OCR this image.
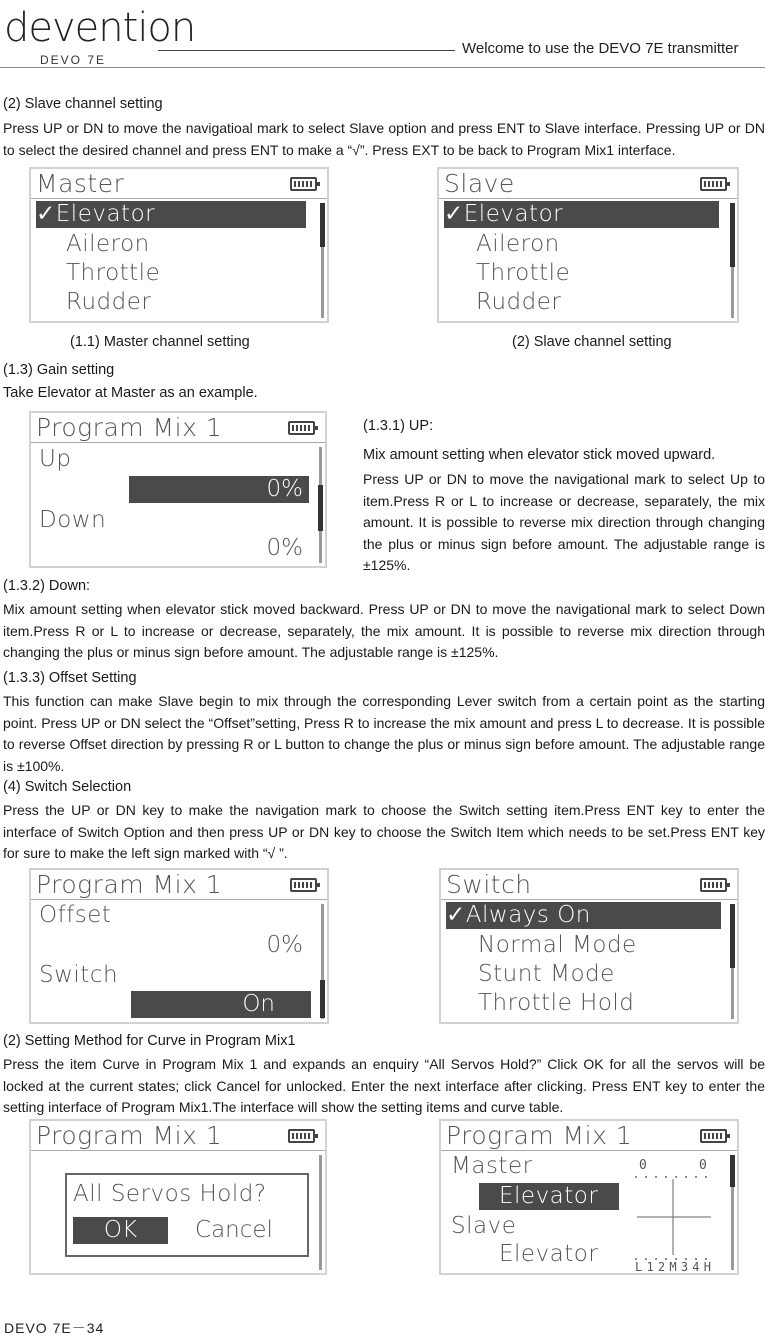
devention
DEVO 7E
Welcome to use the DEVO 7E transmitter
(2) Slave channel setting
Press UP or DN to move the navigatioal mark to select Slave option and press ENT to Slave interface. Pressing UP or DN to select the desired channel and press ENT to make a “√”. Press EXT to be back to Program Mix1 interface.
Master
✓Elevator
Aileron
Throttle
Rudder
(1.1) Master channel setting
Slave
✓Elevator
Aileron
Throttle
Rudder
(2) Slave channel setting
(1.3) Gain setting
Take Elevator at Master as an example.
Program Mix 1
Up
0%
Down
0%
(1.3.1) UP:
Mix amount setting when elevator stick moved upward.
Press UP or DN to move the navigational mark to select Up to item.Press R or L to increase or decrease, separately, the mix amount. It is possible to reverse mix direction through changing the plus or minus sign before amount. The adjustable range is ±125%.
(1.3.2) Down:
Mix amount setting when elevator stick moved backward. Press UP or DN to move the navigational mark to select Down item.Press R or L to increase or decrease, separately, the mix amount. It is possible to reverse mix direction through changing the plus or minus sign before amount. The adjustable range is ±125%.
(1.3.3) Offset Setting
This function can make Slave begin to mix through the corresponding Lever switch from a certain point as the starting point. Press UP or DN select the “Offset”setting, Press R to increase the mix amount and press L to decrease. It is possible to reverse Offset direction by pressing R or L button to change the plus or minus sign before amount. The adjustable range is ±100%.
(4) Switch Selection
Press the UP or DN key to make the navigation mark to choose the Switch setting item.Press ENT key to enter the interface of Switch Option and then press UP or DN key to choose the Switch Item which needs to be set.Press ENT key for sure to make the left sign marked with “√ ”.
Program Mix 1
Offset
0%
Switch
On
Switch
✓Always On
Normal Mode
Stunt Mode
Throttle Hold
(2) Setting Method for Curve in Program Mix1
Press the item Curve in Program Mix 1 and expands an enquiry “All Servos Hold?” Click OK for all the servos will be locked at the current states; click Cancel for unlocked. Enter the next interface after clicking. Press ENT key to enter the setting interface of Program Mix1.The interface will show the setting items and curve table.
Program Mix 1
All Servos Hold?
OK	Cancel
Program Mix 1
Master
Elevator
Slave
Elevator
0	0
L12M34H
DEVO 7E－34
